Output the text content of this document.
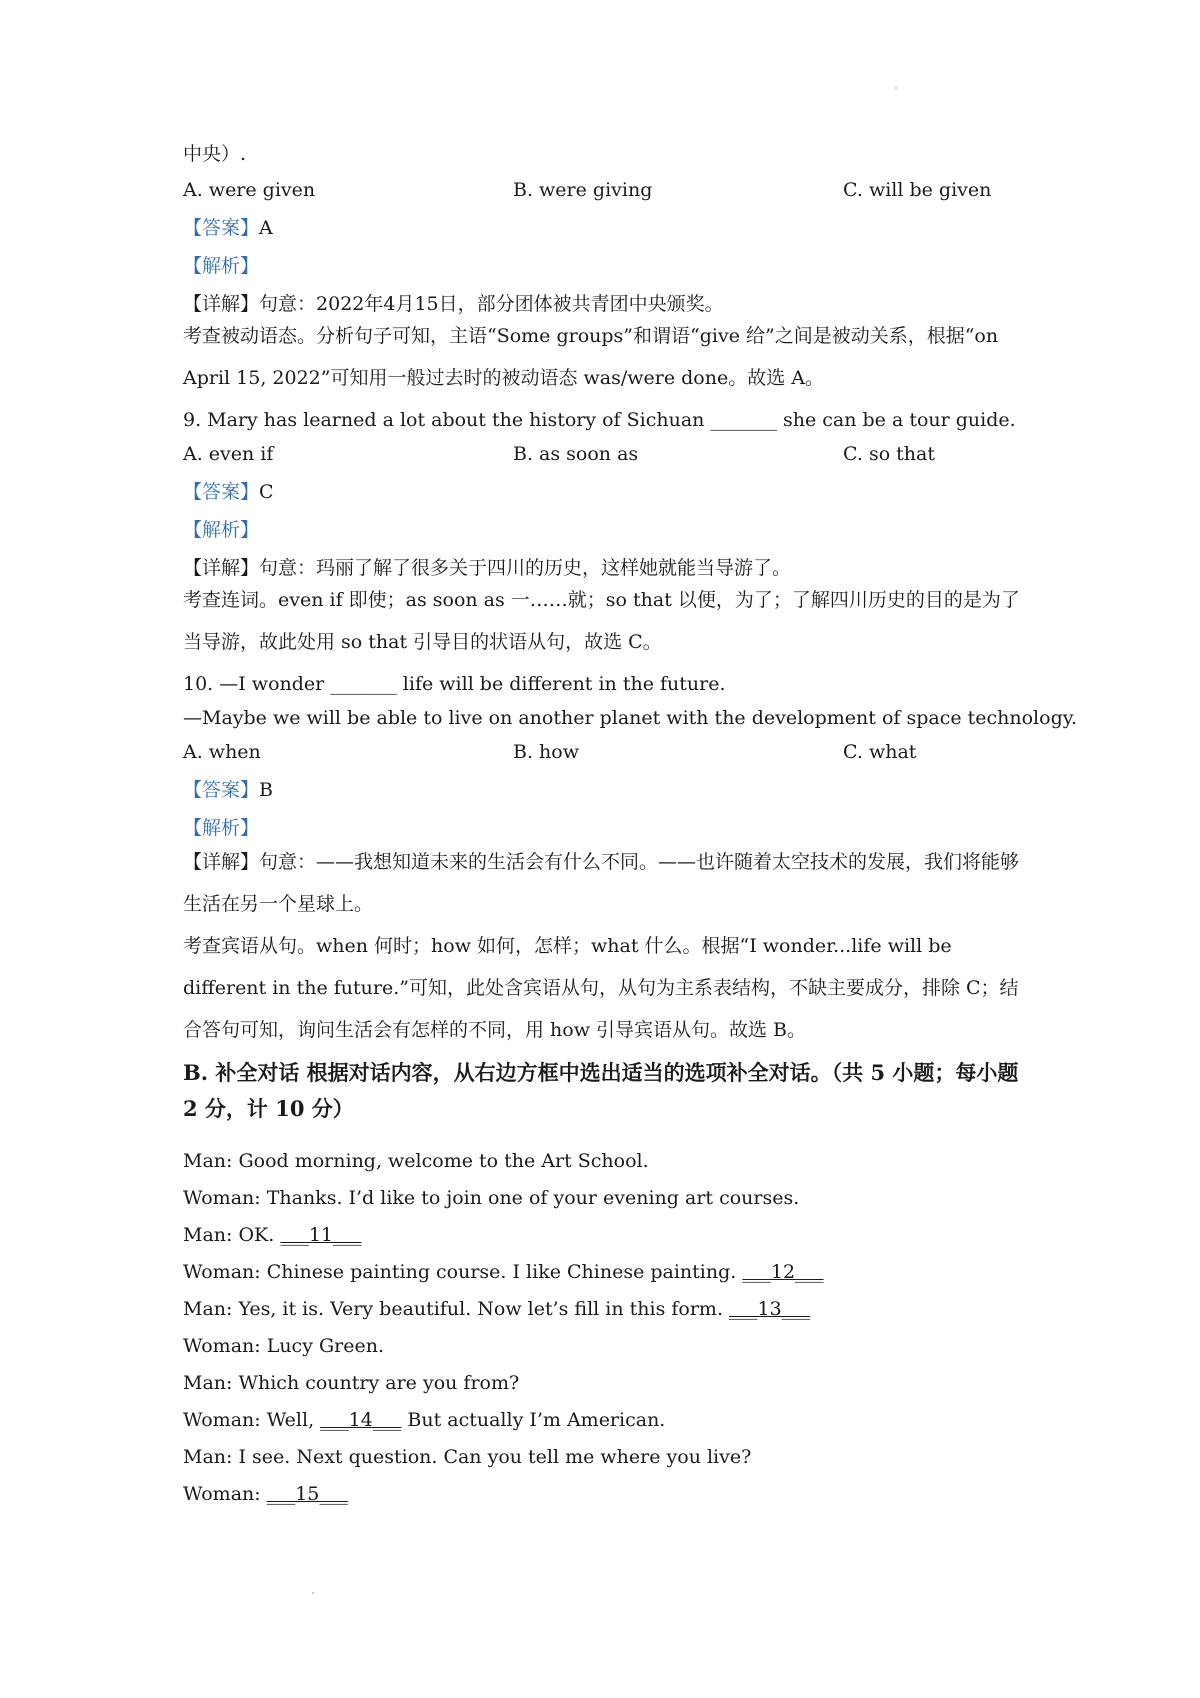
中央）.

A. were given	B. were giving	C. will be given

【答案】A

【解析】

【详解】句意：2022年4月15日，部分团体被共青团中央颁奖。

考查被动语态。分析句子可知，主语“Some groups”和谓语“give 给”之间是被动关系，根据“on April 15, 2022”可知用一般过去时的被动语态 was/were done。故选 A。

9. Mary has learned a lot about the history of Sichuan _______ she can be a tour guide.

A. even if	B. as soon as	C. so that

【答案】C

【解析】

【详解】句意：玛丽了解了很多关于四川的历史，这样她就能当导游了。

考查连词。even if 即使；as soon as 一……就；so that 以便，为了；了解四川历史的目的是为了当导游，故此处用 so that 引导目的状语从句，故选 C。

10. —I wonder _______ life will be different in the future.

—Maybe we will be able to live on another planet with the development of space technology.

A. when	B. how	C. what

【答案】B

【解析】

【详解】句意：——我想知道未来的生活会有什么不同。——也许随着太空技术的发展，我们将能够生活在另一个星球上。

考查宾语从句。when 何时；how 如何，怎样；what 什么。根据“I wonder...life will be different in the future.”可知，此处含宾语从句，从句为主系表结构，不缺主要成分，排除 C；结合答句可知，询问生活会有怎样的不同，用 how 引导宾语从句。故选 B。

B. 补全对话 根据对话内容，从右边方框中选出适当的选项补全对话。（共 5 小题；每小题 2 分，计 10 分）

Man: Good morning, welcome to the Art School.

Woman: Thanks. I’d like to join one of your evening art courses.

Man: OK. ___11___

Woman: Chinese painting course. I like Chinese painting. ___12___

Man: Yes, it is. Very beautiful. Now let’s fill in this form. ___13___

Woman: Lucy Green.

Man: Which country are you from?

Woman: Well, ___14___ But actually I’m American.

Man: I see. Next question. Can you tell me where you live?

Woman: ___15___
